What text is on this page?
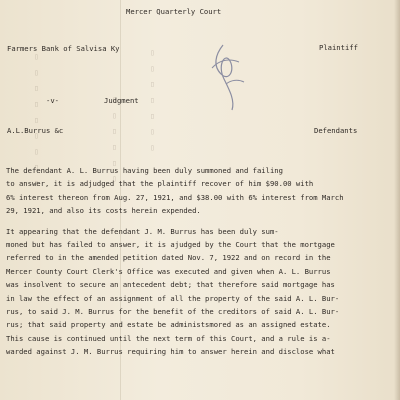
▯ ▯ ▯ ▯ ▯ ▯ ▯ ▯ ▯	▯ ▯ ▯ ▯ ▯ ▯ ▯
▯ ▯ ▯ ▯ ▯ ▯
Mercer Quarterly Court
Farmers Bank of Salvisa Ky	Plaintiff
-v-	Judgment
A.L.Burrus &c	Defendants
The defendant A. L. Burrus having been duly summoned and failing
to answer, it is adjudged that the plaintiff recover of him $90.00 with
6% interest thereon from Aug. 27, 1921, and $38.00 with 6% interest from March
29, 1921, and also its costs herein expended.
It appearing that the defendant J. M. Burrus has been duly sum-
moned but has failed to answer, it is ajudged by the Court that the mortgage
referred to in the amended petition dated Nov. 7, 1922 and on record in the
Mercer County Court Clerk's Office was executed and given when A. L. Burrus
was insolvent to secure an antecedent debt; that therefore said mortgage has
in law the effect of an assignment of all the property of the said A. L. Bur-
rus, to said J. M. Burrus for the benefit of the creditors of said A. L. Bur-
rus; that said property and estate be administsmored as an assigned estate.
This cause is continued until the next term of this Court, and a rule is a-
warded against J. M. Burrus requiring him to answer herein and disclose what
